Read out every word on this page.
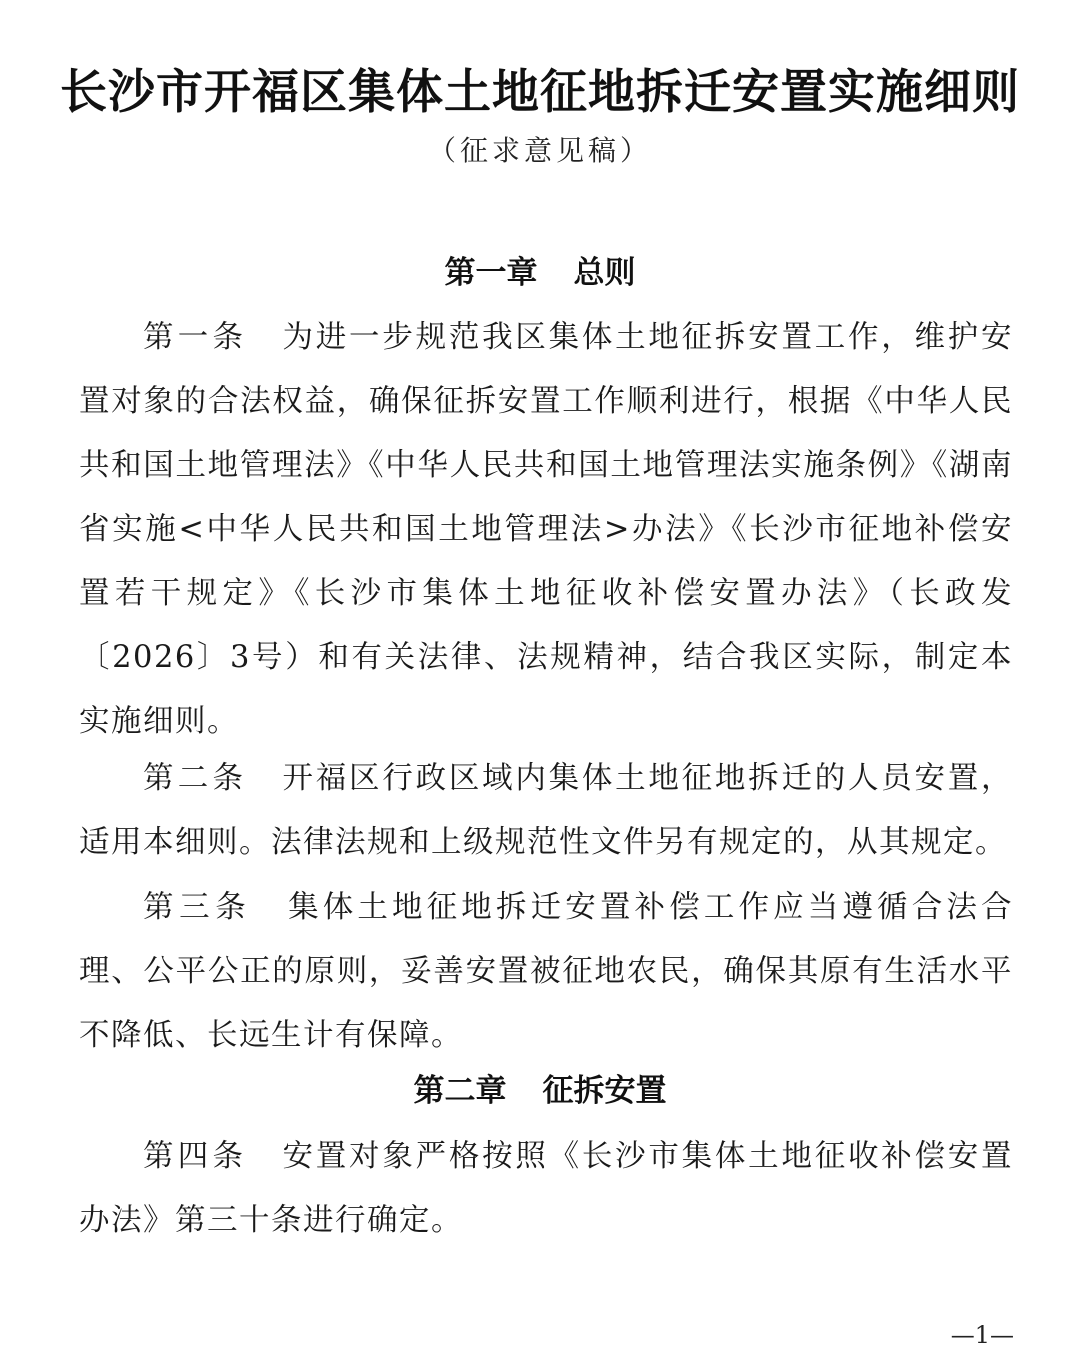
长沙市开福区集体土地征地拆迁安置实施细则
（征求意见稿）
第一章 总则

第一条 为进一步规范我区集体土地征拆安置工作，维护安置对象的合法权益，确保征拆安置工作顺利进行，根据《中华人民共和国土地管理法》《中华人民共和国土地管理法实施条例》《湖南省实施<中华人民共和国土地管理法>办法》《长沙市征地补偿安置若干规定》《长沙市集体土地征收补偿安置办法》（长政发〔2026〕3号）和有关法律、法规精神，结合我区实际，制定本实施细则。

第二条 开福区行政区域内集体土地征地拆迁的人员安置，适用本细则。法律法规和上级规范性文件另有规定的，从其规定。

第三条 集体土地征地拆迁安置补偿工作应当遵循合法合理、公平公正的原则，妥善安置被征地农民，确保其原有生活水平不降低、长远生计有保障。

第二章 征拆安置

第四条 安置对象严格按照《长沙市集体土地征收补偿安置办法》第三十条进行确定。

—1—
